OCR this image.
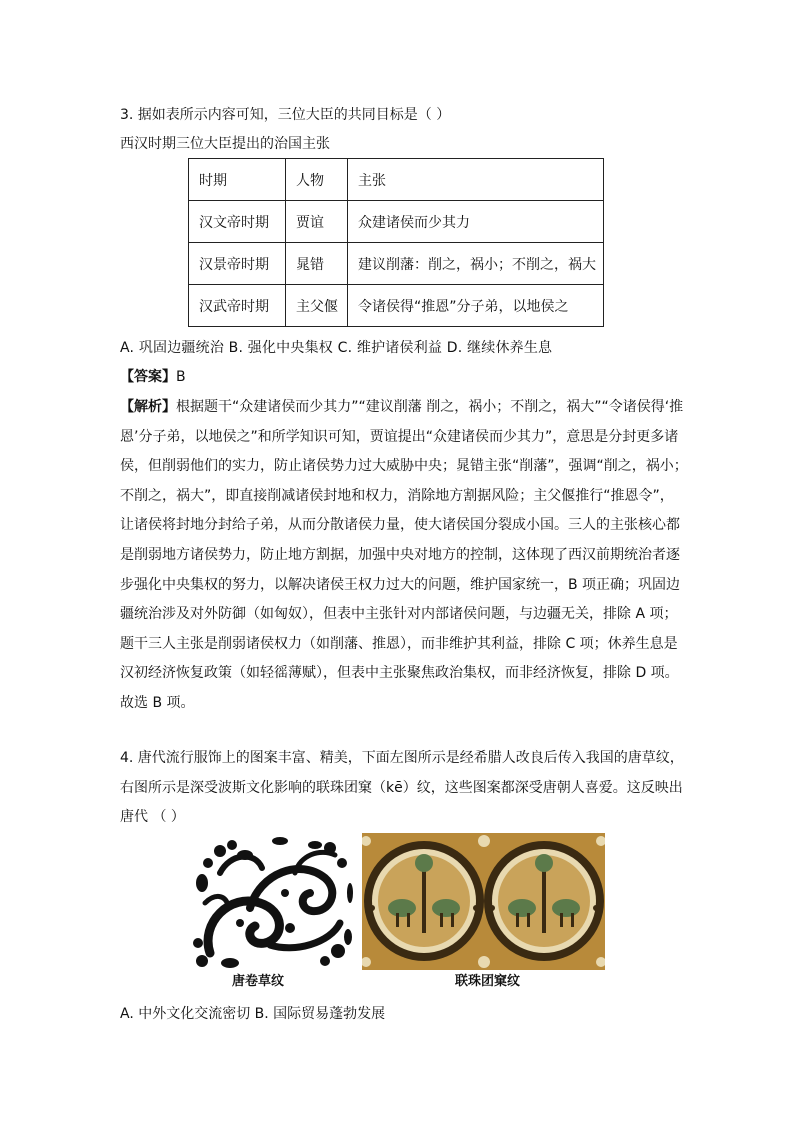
3. 据如表所示内容可知，三位大臣的共同目标是（ ）
西汉时期三位大臣提出的治国主张
时期	人物	主张
汉文帝时期	贾谊	众建诸侯而少其力
汉景帝时期	晁错	建议削藩：削之，祸小；不削之，祸大
汉武帝时期	主父偃	令诸侯得“推恩”分子弟，以地侯之
A. 巩固边疆统治 B. 强化中央集权 C. 维护诸侯利益 D. 继续休养生息
【答案】B
【解析】根据题干“众建诸侯而少其力”“建议削藩 削之，祸小；不削之，祸大”“令诸侯得‘推
恩’分子弟，以地侯之”和所学知识可知，贾谊提出“众建诸侯而少其力”，意思是分封更多诸
侯，但削弱他们的实力，防止诸侯势力过大威胁中央；晁错主张“削藩”，强调“削之，祸小；
不削之，祸大”，即直接削减诸侯封地和权力，消除地方割据风险；主父偃推行“推恩令”，
让诸侯将封地分封给子弟，从而分散诸侯力量，使大诸侯国分裂成小国。三人的主张核心都
是削弱地方诸侯势力，防止地方割据，加强中央对地方的控制，这体现了西汉前期统治者逐
步强化中央集权的努力，以解决诸侯王权力过大的问题，维护国家统一，B 项正确；巩固边
疆统治涉及对外防御（如匈奴），但表中主张针对内部诸侯问题，与边疆无关，排除 A 项；
题干三人主张是削弱诸侯权力（如削藩、推恩），而非维护其利益，排除 C 项；休养生息是
汉初经济恢复政策（如轻徭薄赋），但表中主张聚焦政治集权，而非经济恢复，排除 D 项。
故选 B 项。
4. 唐代流行服饰上的图案丰富、精美，下面左图所示是经希腊人改良后传入我国的唐草纹，
右图所示是深受波斯文化影响的联珠团窠（kē）纹，这些图案都深受唐朝人喜爱。这反映出
唐代 （ ）
唐卷草纹	联珠团窠纹
A. 中外文化交流密切 B. 国际贸易蓬勃发展
